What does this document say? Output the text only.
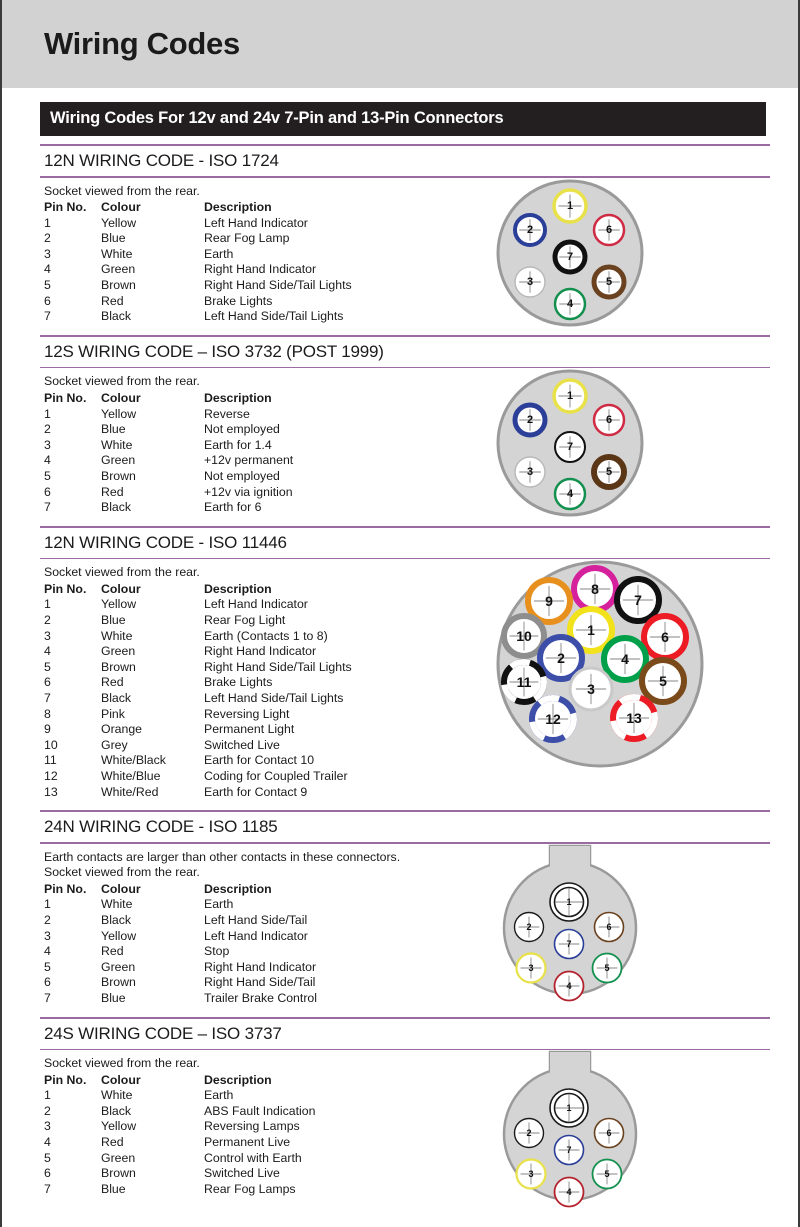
Wiring Codes
Wiring Codes For 12v and 24v 7-Pin and 13-Pin Connectors
12N WIRING CODE - ISO 1724
Socket viewed from the rear.
Pin No.	Colour	Description
1	Yellow	Left Hand Indicator
2	Blue	Rear Fog Lamp
3	White	Earth
4	Green	Right Hand Indicator
5	Brown	Right Hand Side/Tail Lights
6	Red	Brake Lights
7	Black	Left Hand Side/Tail Lights
1
2	6
7
3	5
4
12S WIRING CODE – ISO 3732 (POST 1999)
Socket viewed from the rear.
Pin No.	Colour	Description
1	Yellow	Reverse
2	Blue	Not employed
3	White	Earth for 1.4
4	Green	+12v permanent
5	Brown	Not employed
6	Red	+12v via ignition
7	Black	Earth for 6
1
2	6
7
3	5
4
12N WIRING CODE - ISO 11446
Socket viewed from the rear.
Pin No.	Colour	Description
1	Yellow	Left Hand Indicator
2	Blue	Rear Fog Light
3	White	Earth (Contacts 1 to 8)
4	Green	Right Hand Indicator
5	Brown	Right Hand Side/Tail Lights
6	Red	Brake Lights
7	Black	Left Hand Side/Tail Lights
8	Pink	Reversing Light
9	Orange	Permanent Light
10	Grey	Switched Live
11	White/Black	Earth for Contact 10
12	White/Blue	Coding for Coupled Trailer
13	White/Red	Earth for Contact 9
8
9	7
10	1	6
2	4
11	3	5
12	13
24N WIRING CODE - ISO 1185
Earth contacts are larger than other contacts in these connectors.
Socket viewed from the rear.
Pin No.	Colour	Description
1	White	Earth
2	Black	Left Hand Side/Tail
3	Yellow	Left Hand Indicator
4	Red	Stop
5	Green	Right Hand Indicator
6	Brown	Right Hand Side/Tail
7	Blue	Trailer Brake Control
1
2	6
7
3	5
4
24S WIRING CODE – ISO 3737
Socket viewed from the rear.
Pin No.	Colour	Description
1	White	Earth
2	Black	ABS Fault Indication
3	Yellow	Reversing Lamps
4	Red	Permanent Live
5	Green	Control with Earth
6	Brown	Switched Live
7	Blue	Rear Fog Lamps
1
2	6
7
3	5
4
